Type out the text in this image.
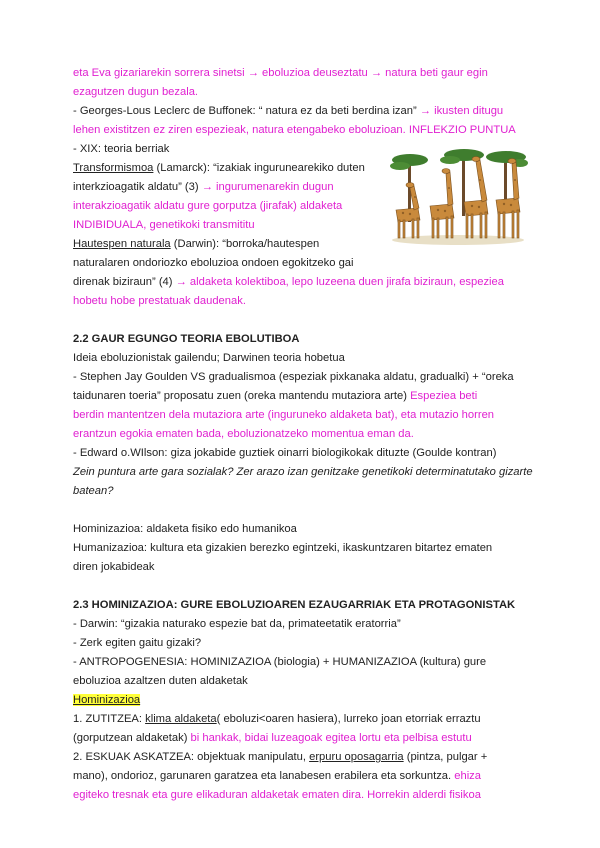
eta Eva gizariarekin sorrera sinetsi → eboluzioa deuseztatu → natura beti gaur egin
ezagutzen dugun bezala.
- Georges-Lous Leclerc de Buffonek: “ natura ez da beti berdina izan” → ikusten ditugu
lehen existitzen ez ziren espezieak, natura etengabeko eboluzioan. INFLEKZIO PUNTUA
- XIX: teoria berriak
Transformismoa (Lamarck): “izakiak ingurunearekiko duten
interkzioagatik aldatu” (3) → ingurumenarekin dugun
interakzioagatik aldatu gure gorputza (jirafak) aldaketa
INDIBIDUALA, genetikoki transmititu
Hautespen naturala (Darwin): “borroka/hautespen
naturalaren ondoriozko eboluzioa ondoen egokitzeko gai
direnak biziraun” (4) → aldaketa kolektiboa, lepo luzeena duen jirafa biziraun, espeziea
hobetu hobe prestatuak daudenak.
2.2 GAUR EGUNGO TEORIA EBOLUTIBOA
Ideia eboluzionistak gailendu; Darwinen teoria hobetua
- Stephen Jay Goulden VS gradualismoa (espeziak pixkanaka aldatu, gradualki) + “oreka
taidunaren toeria” proposatu zuen (oreka mantendu mutaziora arte) Espeziea beti
berdin mantentzen dela mutaziora arte (inguruneko aldaketa bat), eta mutazio horren
erantzun egokia ematen bada, eboluzionatzeko momentua eman da.
- Edward o.WIlson: giza jokabide guztiek oinarri biologikokak dituzte (Goulde kontran)
Zein puntura arte gara sozialak? Zer arazo izan genitzake genetikoki determinatutako gizarte
batean?
Hominizazioa: aldaketa fisiko edo humanikoa
Humanizazioa: kultura eta gizakien berezko egintzeki, ikaskuntzaren bitartez ematen
diren jokabideak
2.3 HOMINIZAZIOA: GURE EBOLUZIOAREN EZAUGARRIAK ETA PROTAGONISTAK
- Darwin: “gizakia naturako espezie bat da, primateetatik eratorria”
- Zerk egiten gaitu gizaki?
- ANTROPOGENESIA: HOMINIZAZIOA (biologia) + HUMANIZAZIOA (kultura) gure
eboluzioa azaltzen duten aldaketak
Hominizazioa
1. ZUTITZEA: klima aldaketa( eboluzi<oaren hasiera), lurreko joan etorriak erraztu
(gorputzean aldaketak) bi hankak, bidai luzeagoak egitea lortu eta pelbisa estutu
2. ESKUAK ASKATZEA: objektuak manipulatu, erpuru oposagarria (pintza, pulgar +
mano), ondorioz, garunaren garatzea eta lanabesen erabilera eta sorkuntza. ehiza
egiteko tresnak eta gure elikaduran aldaketak ematen dira. Horrekin alderdi fisikoa
